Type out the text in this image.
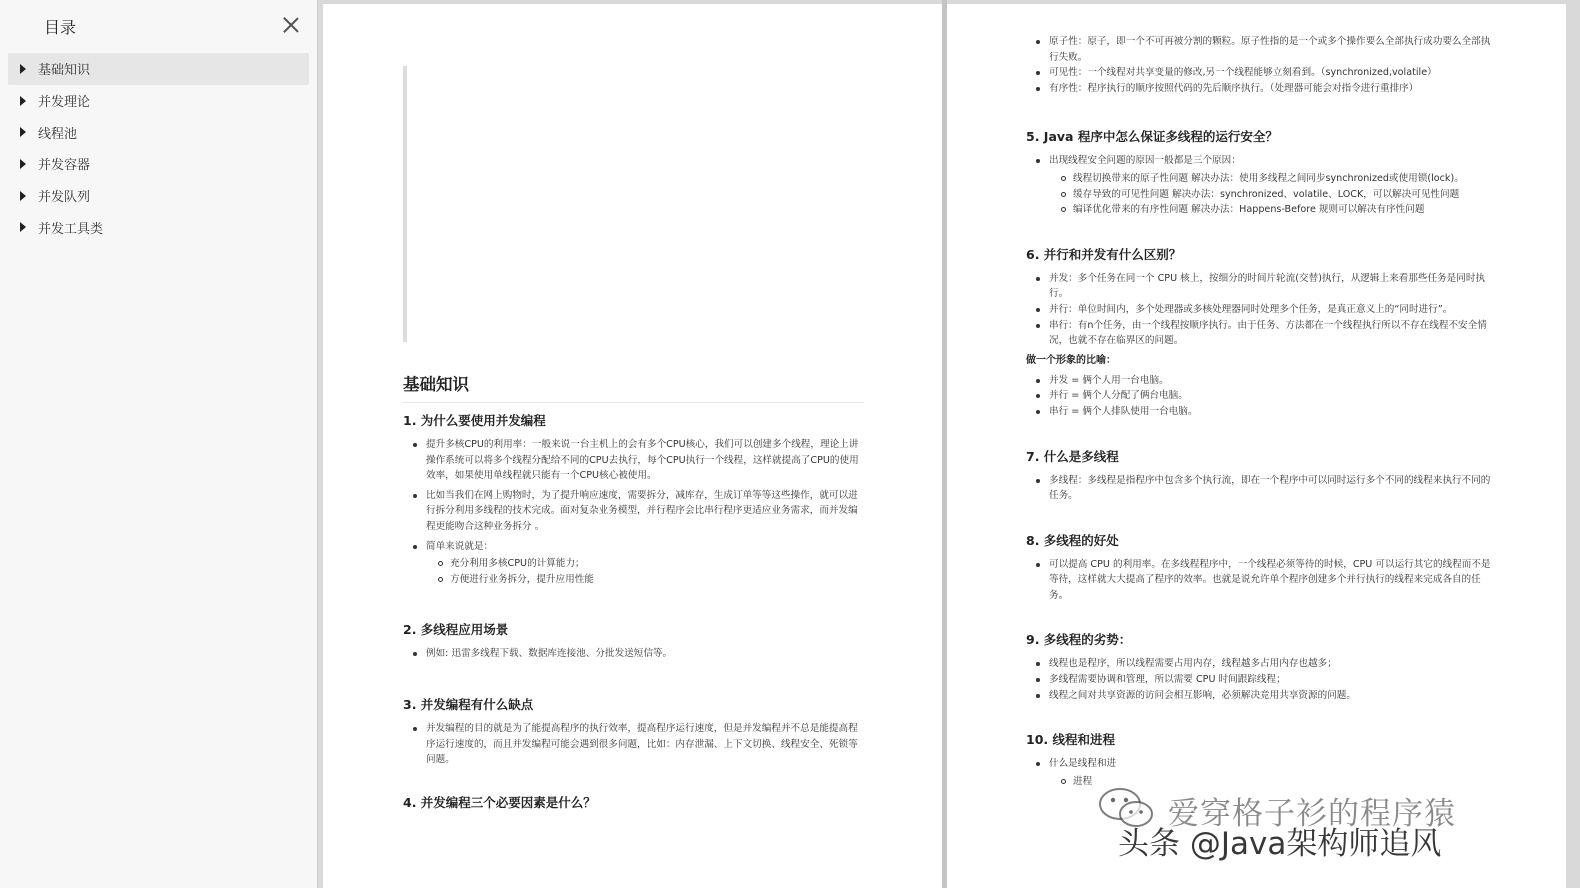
目录
基础知识
并发理论
线程池
并发容器
并发队列
并发工具类
基础知识
1. 为什么要使用并发编程
提升多核CPU的利用率：一般来说一台主机上的会有多个CPU核心，我们可以创建多个线程，理论上讲操作系统可以将多个线程分配给不同的CPU去执行，每个CPU执行一个线程，这样就提高了CPU的使用效率，如果使用单线程就只能有一个CPU核心被使用。
比如当我们在网上购物时，为了提升响应速度，需要拆分，减库存，生成订单等等这些操作，就可以进行拆分利用多线程的技术完成。面对复杂业务模型，并行程序会比串行程序更适应业务需求，而并发编程更能吻合这种业务拆分 。
简单来说就是：
充分利用多核CPU的计算能力；
方便进行业务拆分，提升应用性能
2. 多线程应用场景
例如: 迅雷多线程下载、数据库连接池、分批发送短信等。
3. 并发编程有什么缺点
并发编程的目的就是为了能提高程序的执行效率，提高程序运行速度，但是并发编程并不总是能提高程序运行速度的，而且并发编程可能会遇到很多问题，比如：内存泄漏、上下文切换、线程安全、死锁等问题。
4. 并发编程三个必要因素是什么？
原子性：原子，即一个不可再被分割的颗粒。原子性指的是一个或多个操作要么全部执行成功要么全部执行失败。
可见性：一个线程对共享变量的修改,另一个线程能够立刻看到。（synchronized,volatile）
有序性：程序执行的顺序按照代码的先后顺序执行。（处理器可能会对指令进行重排序）
5. Java 程序中怎么保证多线程的运行安全？
出现线程安全问题的原因一般都是三个原因：
线程切换带来的原子性问题 解决办法：使用多线程之间同步synchronized或使用锁(lock)。
缓存导致的可见性问题 解决办法：synchronized、volatile、LOCK，可以解决可见性问题
编译优化带来的有序性问题 解决办法：Happens-Before 规则可以解决有序性问题
6. 并行和并发有什么区别？
并发：多个任务在同一个 CPU 核上，按细分的时间片轮流(交替)执行，从逻辑上来看那些任务是同时执行。
并行：单位时间内，多个处理器或多核处理器同时处理多个任务，是真正意义上的“同时进行”。
串行：有n个任务，由一个线程按顺序执行。由于任务、方法都在一个线程执行所以不存在线程不安全情况，也就不存在临界区的问题。
做一个形象的比喻：
并发 = 俩个人用一台电脑。
并行 = 俩个人分配了俩台电脑。
串行 = 俩个人排队使用一台电脑。
7. 什么是多线程
多线程：多线程是指程序中包含多个执行流，即在一个程序中可以同时运行多个不同的线程来执行不同的任务。
8. 多线程的好处
可以提高 CPU 的利用率。在多线程程序中，一个线程必须等待的时候，CPU 可以运行其它的线程而不是等待，这样就大大提高了程序的效率。也就是说允许单个程序创建多个并行执行的线程来完成各自的任务。
9. 多线程的劣势：
线程也是程序，所以线程需要占用内存，线程越多占用内存也越多；
多线程需要协调和管理，所以需要 CPU 时间跟踪线程；
线程之间对共享资源的访问会相互影响，必须解决竞用共享资源的问题。
10. 线程和进程
什么是线程和进
进程
爱穿格子衫的程序猿
头条 @Java架构师追风
